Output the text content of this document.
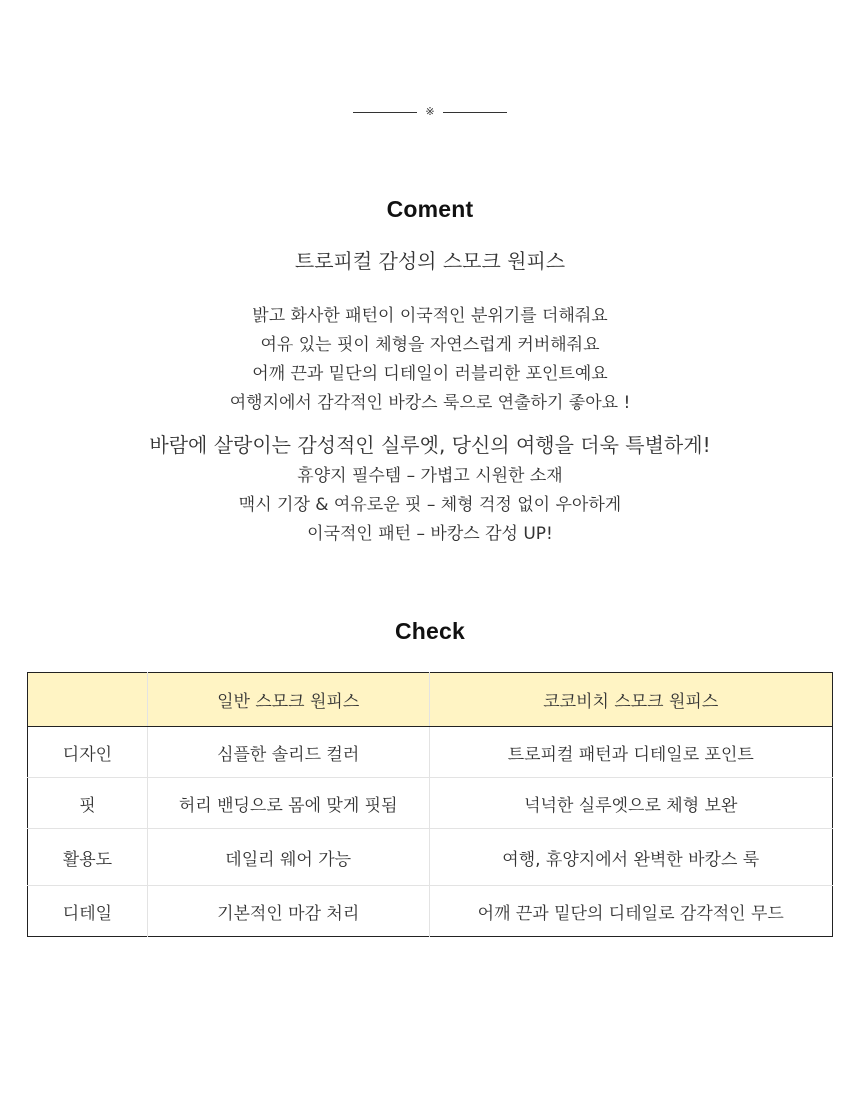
※
Coment
트로피컬 감성의 스모크 원피스
밝고 화사한 패턴이 이국적인 분위기를 더해줘요
여유 있는 핏이 체형을 자연스럽게 커버해줘요
어깨 끈과 밑단의 디테일이 러블리한 포인트예요
여행지에서 감각적인 바캉스 룩으로 연출하기 좋아요 !
바람에 살랑이는 감성적인 실루엣, 당신의 여행을 더욱 특별하게!
휴양지 필수템 – 가볍고 시원한 소재
맥시 기장 & 여유로운 핏 – 체형 걱정 없이 우아하게
이국적인 패턴 – 바캉스 감성 UP!
Check
	일반 스모크 원피스	코코비치 스모크 원피스
디자인	심플한 솔리드 컬러	트로피컬 패턴과 디테일로 포인트
핏	허리 밴딩으로 몸에 맞게 핏됨	넉넉한 실루엣으로 체형 보완
활용도	데일리 웨어 가능	여행, 휴양지에서 완벽한 바캉스 룩
디테일	기본적인 마감 처리	어깨 끈과 밑단의 디테일로 감각적인 무드
